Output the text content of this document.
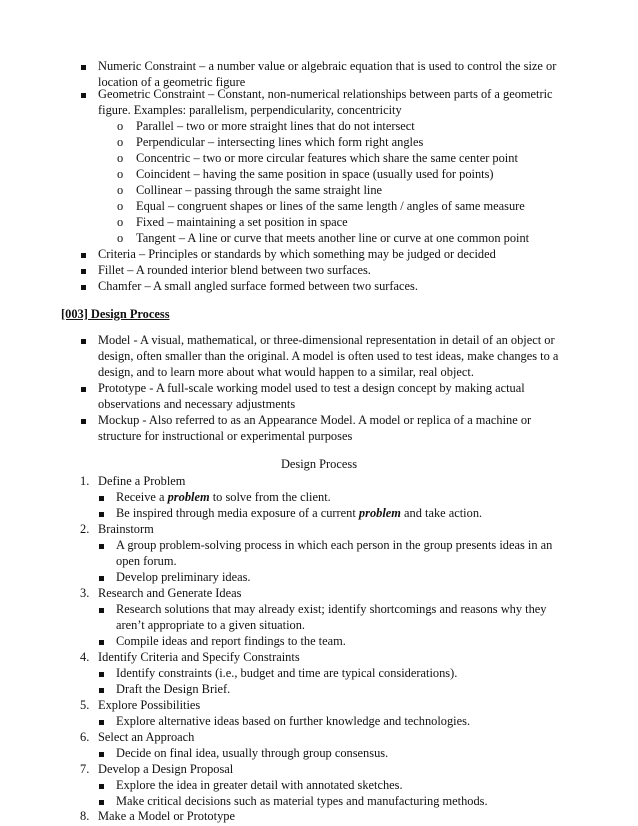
Numeric Constraint – a number value or algebraic equation that is used to control the size or
location of a geometric figure
Geometric Constraint – Constant, non-numerical relationships between parts of a geometric
figure. Examples: parallelism, perpendicularity, concentricity
o Parallel – two or more straight lines that do not intersect
o Perpendicular – intersecting lines which form right angles
o Concentric – two or more circular features which share the same center point
o Coincident – having the same position in space (usually used for points)
o Collinear – passing through the same straight line
o Equal – congruent shapes or lines of the same length / angles of same measure
o Fixed – maintaining a set position in space
o Tangent – A line or curve that meets another line or curve at one common point
Criteria – Principles or standards by which something may be judged or decided
Fillet – A rounded interior blend between two surfaces.
Chamfer – A small angled surface formed between two surfaces.
[003] Design Process
Model - A visual, mathematical, or three-dimensional representation in detail of an object or
design, often smaller than the original. A model is often used to test ideas, make changes to a
design, and to learn more about what would happen to a similar, real object.
Prototype - A full-scale working model used to test a design concept by making actual
observations and necessary adjustments
Mockup - Also referred to as an Appearance Model. A model or replica of a machine or
structure for instructional or experimental purposes
Design Process
1. Define a Problem
Receive a problem to solve from the client.
Be inspired through media exposure of a current problem and take action.
2. Brainstorm
A group problem-solving process in which each person in the group presents ideas in an
open forum.
Develop preliminary ideas.
3. Research and Generate Ideas
Research solutions that may already exist; identify shortcomings and reasons why they
aren’t appropriate to a given situation.
Compile ideas and report findings to the team.
4. Identify Criteria and Specify Constraints
Identify constraints (i.e., budget and time are typical considerations).
Draft the Design Brief.
5. Explore Possibilities
Explore alternative ideas based on further knowledge and technologies.
6. Select an Approach
Decide on final idea, usually through group consensus.
7. Develop a Design Proposal
Explore the idea in greater detail with annotated sketches.
Make critical decisions such as material types and manufacturing methods.
8. Make a Model or Prototype
